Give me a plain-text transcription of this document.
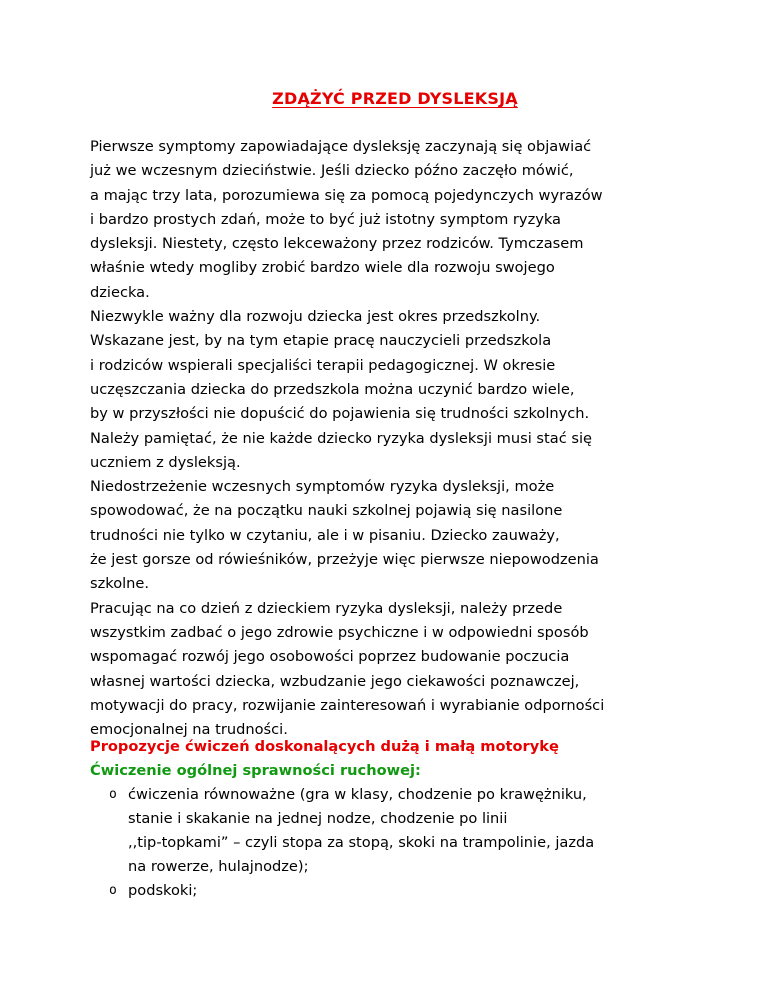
ZDĄŻYĆ PRZED DYSLEKSJĄ
Pierwsze symptomy zapowiadające dysleksję zaczynają się objawiać
już we wczesnym dzieciństwie. Jeśli dziecko późno zaczęło mówić,
a mając trzy lata, porozumiewa się za pomocą pojedynczych wyrazów
i bardzo prostych zdań, może to być już istotny symptom ryzyka
dysleksji. Niestety, często lekceważony przez rodziców. Tymczasem
właśnie wtedy mogliby zrobić bardzo wiele dla rozwoju swojego
dziecka.
Niezwykle ważny dla rozwoju dziecka jest okres przedszkolny.
Wskazane jest, by na tym etapie pracę nauczycieli przedszkola
i rodziców wspierali specjaliści terapii pedagogicznej. W okresie
uczęszczania dziecka do przedszkola można uczynić bardzo wiele,
by w przyszłości nie dopuścić do pojawienia się trudności szkolnych.
Należy pamiętać, że nie każde dziecko ryzyka dysleksji musi stać się
uczniem z dysleksją.
Niedostrzeżenie wczesnych symptomów ryzyka dysleksji, może
spowodować, że na początku nauki szkolnej pojawią się nasilone
trudności nie tylko w czytaniu, ale i w pisaniu. Dziecko zauważy,
że jest gorsze od rówieśników, przeżyje więc pierwsze niepowodzenia
szkolne.
Pracując na co dzień z dzieckiem ryzyka dysleksji, należy przede
wszystkim zadbać o jego zdrowie psychiczne i w odpowiedni sposób
wspomagać rozwój jego osobowości poprzez budowanie poczucia
własnej wartości dziecka, wzbudzanie jego ciekawości poznawczej,
motywacji do pracy, rozwijanie zainteresowań i wyrabianie odporności
emocjonalnej na trudności.
Propozycje ćwiczeń doskonalących dużą i małą motorykę
Ćwiczenie ogólnej sprawności ruchowej:
o ćwiczenia równoważne (gra w klasy, chodzenie po krawężniku,
stanie i skakanie na jednej nodze, chodzenie po linii
,,tip-topkami” – czyli stopa za stopą, skoki na trampolinie, jazda
na rowerze, hulajnodze);
o podskoki;
